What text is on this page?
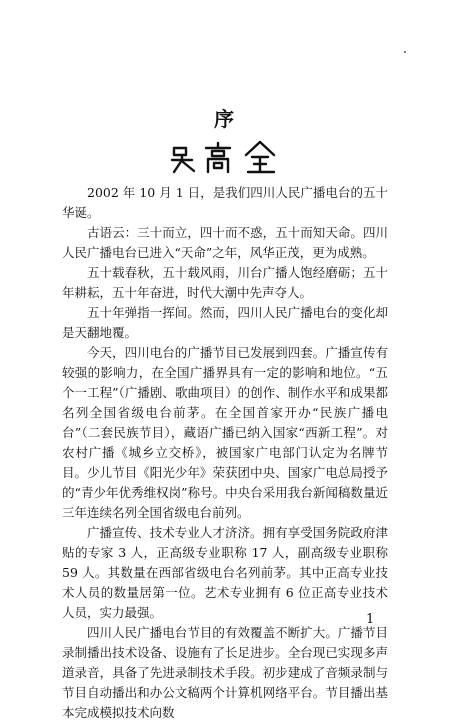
序

2002 年 10 月 1 日，是我们四川人民广播电台的五十华诞。

古语云：三十而立，四十而不惑，五十而知天命。四川人民广播电台已进入“天命”之年，风华正茂，更为成熟。

五十载春秋，五十载风雨，川台广播人饱经磨砺；五十年耕耘，五十年奋进，时代大潮中先声夺人。

五十年弹指一挥间。然而，四川人民广播电台的变化却是天翻地覆。

今天，四川电台的广播节目已发展到四套。广播宣传有较强的影响力，在全国广播界具有一定的影响和地位。“五个一工程”（广播剧、歌曲项目）的创作、制作水平和成果都名列全国省级电台前茅。在全国首家开办“民族广播电台”（二套民族节目），藏语广播已纳入国家“西新工程”。对农村广播《城乡立交桥》，被国家广电部门认定为名牌节目。少儿节目《阳光少年》荣获团中央、国家广电总局授予的“青少年优秀维权岗”称号。中央台采用我台新闻稿数量近三年连续名列全国省级电台前列。

广播宣传、技术专业人才济济。拥有享受国务院政府津贴的专家 3 人，正高级专业职称 17 人，副高级专业职称 59 人。其数量在西部省级电台名列前茅。其中正高专业技术人员的数量居第一位。艺术专业拥有 6 位正高专业技术人员，实力最强。

四川人民广播电台节目的有效覆盖不断扩大。广播节目录制播出技术设备、设施有了长足进步。全台现已实现多声道录音，具备了先进录制技术手段。初步建成了音频录制与节目自动播出和办公文稿两个计算机网络平台。节目播出基本完成模拟技术向数

1
